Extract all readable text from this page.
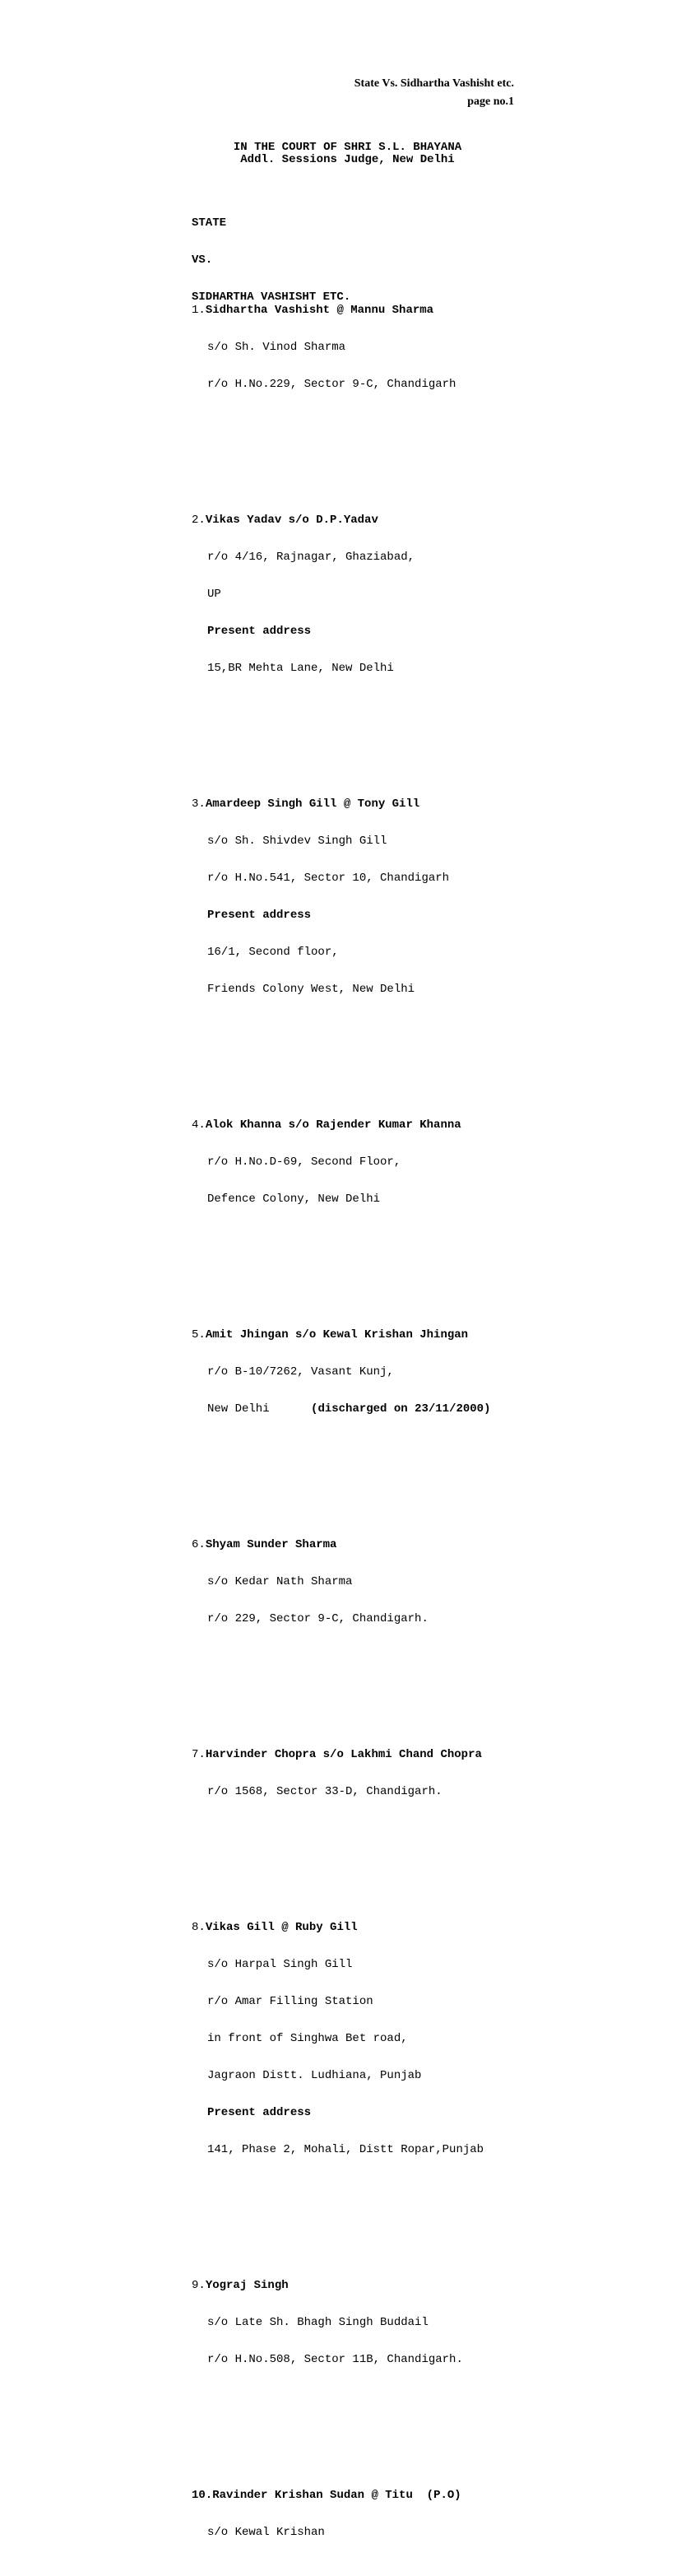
State Vs. Sidhartha Vashisht etc.
page no.1
IN THE COURT OF SHRI S.L. BHAYANA
Addl. Sessions Judge, New Delhi

STATE

VS.

SIDHARTHA VASHISHT ETC.

1.Sidhartha Vashisht @ Mannu Sharma

s/o Sh. Vinod Sharma

r/o H.No.229, Sector 9-C, Chandigarh

2.Vikas Yadav s/o D.P.Yadav

r/o 4/16, Rajnagar, Ghaziabad,

UP

Present address

15,BR Mehta Lane, New Delhi

3.Amardeep Singh Gill @ Tony Gill

s/o Sh. Shivdev Singh Gill

r/o H.No.541, Sector 10, Chandigarh

Present address

16/1, Second floor,

Friends Colony West, New Delhi

4.Alok Khanna s/o Rajender Kumar Khanna

r/o H.No.D-69, Second Floor,

Defence Colony, New Delhi

5.Amit Jhingan s/o Kewal Krishan Jhingan

r/o B-10/7262, Vasant Kunj,

New Delhi	(discharged on 23/11/2000)

6.Shyam Sunder Sharma

s/o Kedar Nath Sharma

r/o 229, Sector 9-C, Chandigarh.

7.Harvinder Chopra s/o Lakhmi Chand Chopra

r/o 1568, Sector 33-D, Chandigarh.

8.Vikas Gill @ Ruby Gill

s/o Harpal Singh Gill

r/o Amar Filling Station

in front of Singhwa Bet road,

Jagraon Distt. Ludhiana, Punjab

Present address

141, Phase 2, Mohali, Distt Ropar,Punjab

9.Yograj Singh

s/o Late Sh. Bhagh Singh Buddail

r/o H.No.508, Sector 11B, Chandigarh.

10.Ravinder Krishan Sudan @ Titu  (P.O)

s/o Kewal Krishan
